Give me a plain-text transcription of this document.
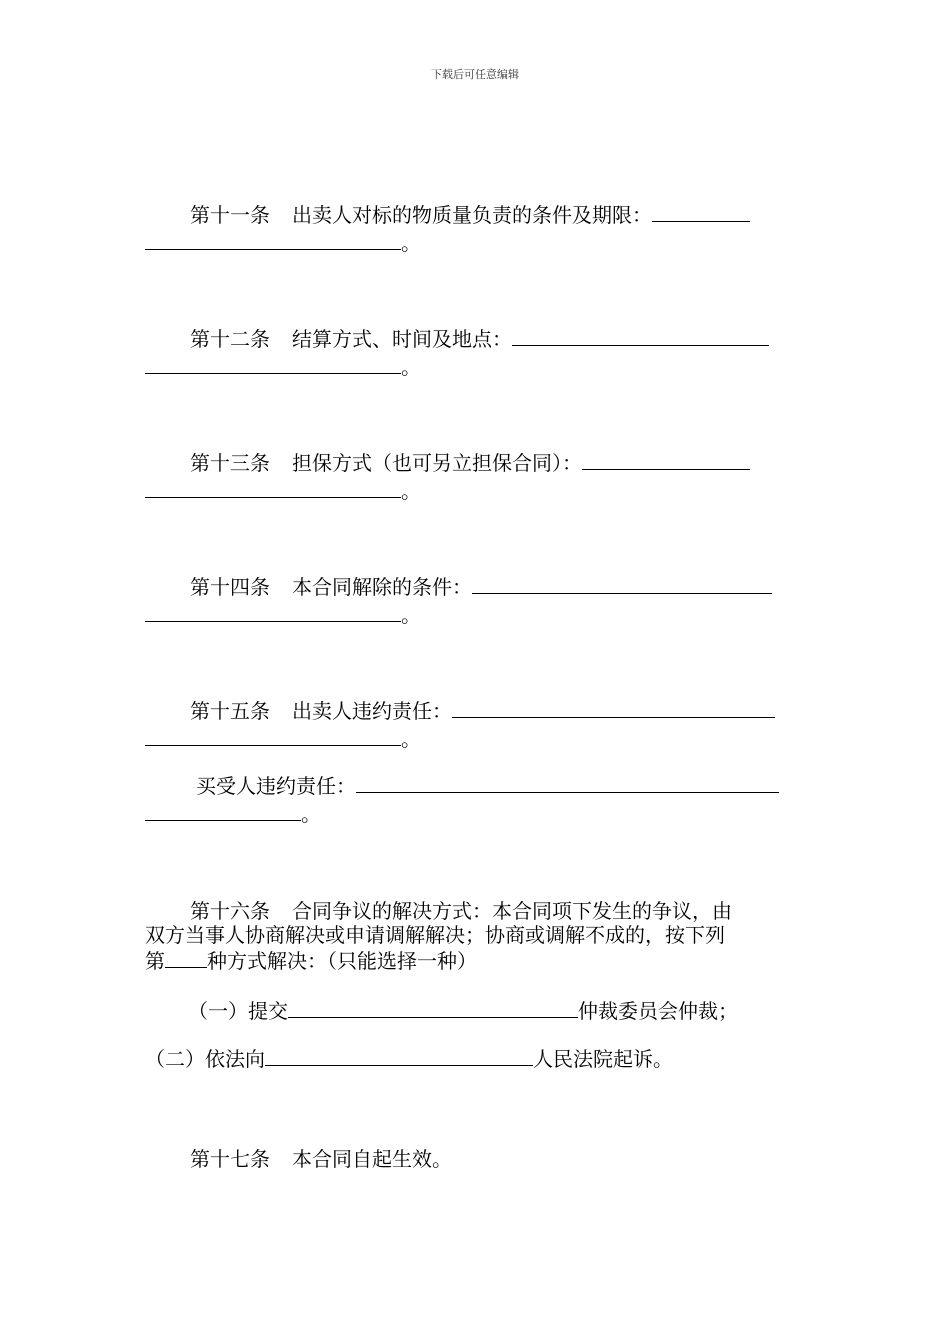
下载后可任意编辑
第十一条 出卖人对标的物质量负责的条件及期限：
。
第十二条 结算方式、时间及地点：
。
第十三条 担保方式（也可另立担保合同）：
。
第十四条 本合同解除的条件：
。
第十五条 出卖人违约责任：
。
买受人违约责任：
。
第十六条 合同争议的解决方式：本合同项下发生的争议，由
双方当事人协商解决或申请调解解决；协商或调解不成的，按下列
第 种方式解决：（只能选择一种）
（一）提交	仲裁委员会仲裁；
（二）依法向	人民法院起诉。
第十七条 本合同自起生效。
